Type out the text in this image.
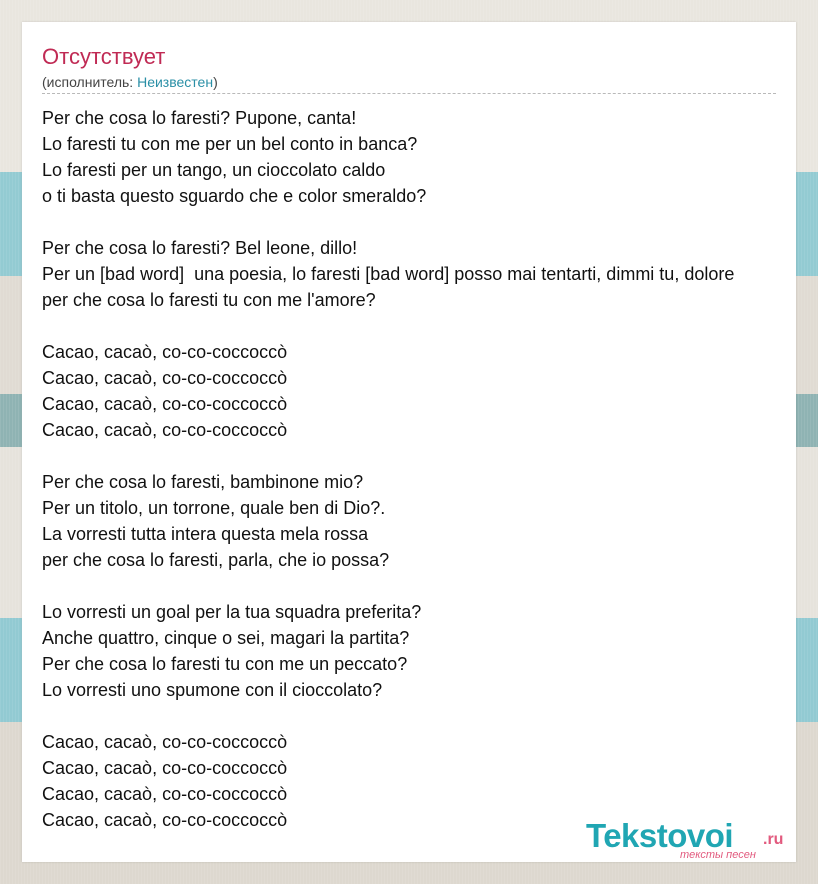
Отсутствует
(исполнитель: Неизвестен)
Per che cosa lo faresti? Pupone, canta!
Lo faresti tu con me per un bel conto in banca?
Lo faresti per un tango, un cioccolato caldo
o ti basta questo sguardo che e color smeraldo?

Per che cosa lo faresti? Bel leone, dillo!
Per un [bad word]  una poesia, lo faresti [bad word] posso mai tentarti, dimmi tu, dolore
per che cosa lo faresti tu con me l'amore?

Cacao, cacaò, co-co-coccoccò
Cacao, cacaò, co-co-coccoccò
Cacao, cacaò, co-co-coccoccò
Cacao, cacaò, co-co-coccoccò

Per che cosa lo faresti, bambinone mio?
Per un titolo, un torrone, quale ben di Dio?.
La vorresti tutta intera questa mela rossa
per che cosa lo faresti, parla, che io possa?

Lo vorresti un goal per la tua squadra preferita?
Anche quattro, cinque o sei, magari la partita?
Per che cosa lo faresti tu con me un peccato?
Lo vorresti uno spumone con il cioccolato?

Cacao, cacaò, co-co-coccoccò
Cacao, cacaò, co-co-coccoccò
Cacao, cacaò, co-co-coccoccò
Cacao, cacaò, co-co-coccoccò	Tekstovoi .ru
тексты песен
